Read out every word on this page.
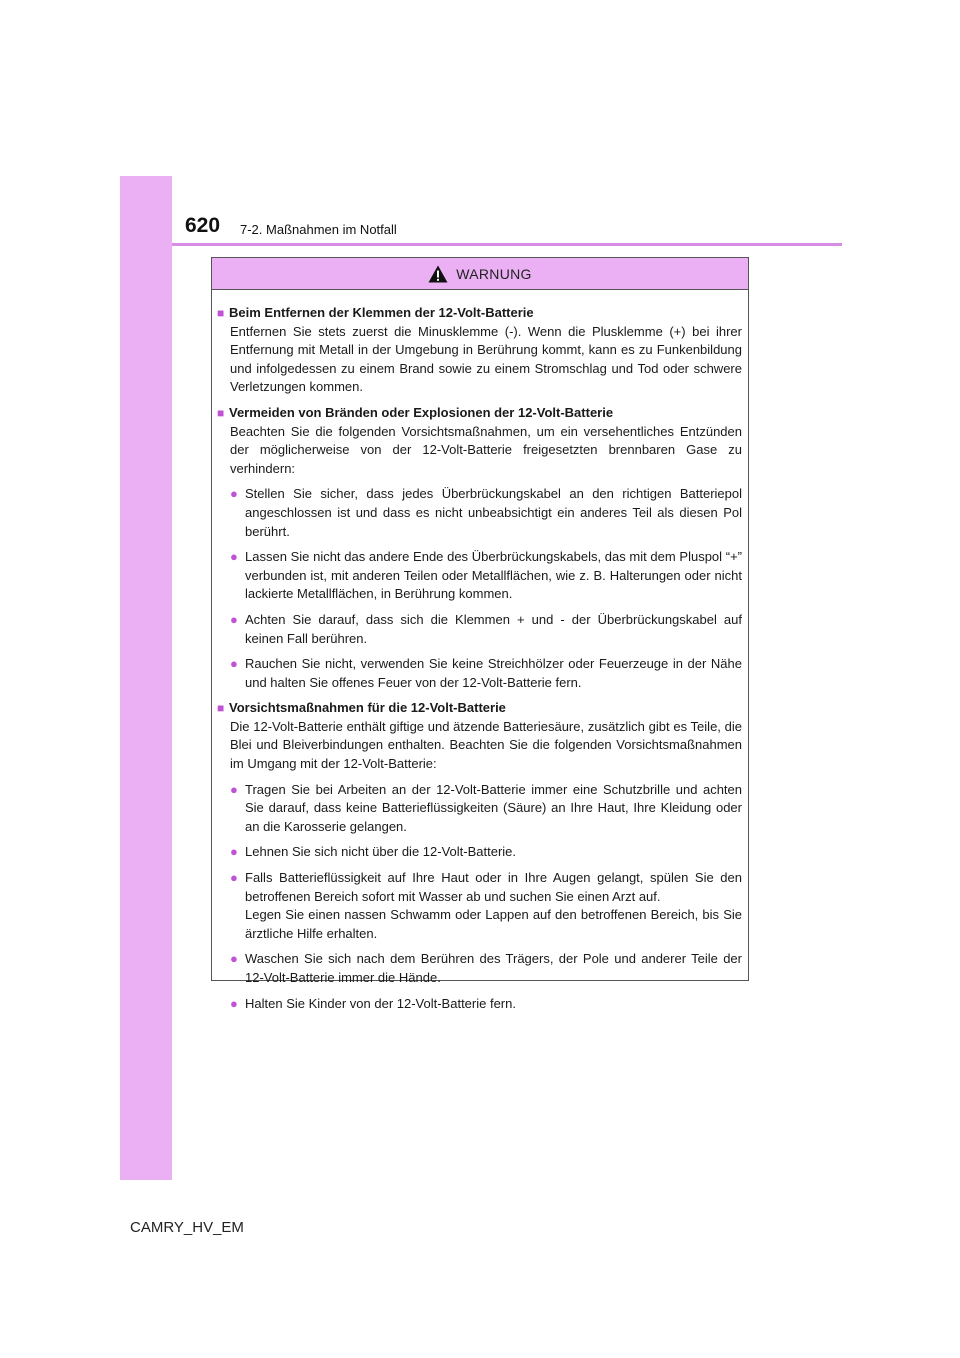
620 7-2. Maßnahmen im Notfall
WARNUNG
■ Beim Entfernen der Klemmen der 12-Volt-Batterie
Entfernen Sie stets zuerst die Minusklemme (-). Wenn die Plusklemme (+) bei ihrer Entfernung mit Metall in der Umgebung in Berührung kommt, kann es zu Funkenbildung und infolgedessen zu einem Brand sowie zu einem Stromschlag und Tod oder schwere Verletzungen kommen.
■ Vermeiden von Bränden oder Explosionen der 12-Volt-Batterie
Beachten Sie die folgenden Vorsichtsmaßnahmen, um ein versehentliches Entzünden der möglicherweise von der 12-Volt-Batterie freigesetzten brennbaren Gase zu verhindern:
● Stellen Sie sicher, dass jedes Überbrückungskabel an den richtigen Batteriepol angeschlossen ist und dass es nicht unbeabsichtigt ein anderes Teil als diesen Pol berührt.
● Lassen Sie nicht das andere Ende des Überbrückungskabels, das mit dem Pluspol “+” verbunden ist, mit anderen Teilen oder Metallflächen, wie z. B. Halterungen oder nicht lackierte Metallflächen, in Berührung kommen.
● Achten Sie darauf, dass sich die Klemmen + und - der Überbrückungskabel auf keinen Fall berühren.
● Rauchen Sie nicht, verwenden Sie keine Streichhölzer oder Feuerzeuge in der Nähe und halten Sie offenes Feuer von der 12-Volt-Batterie fern.
■ Vorsichtsmaßnahmen für die 12-Volt-Batterie
Die 12-Volt-Batterie enthält giftige und ätzende Batteriesäure, zusätzlich gibt es Teile, die Blei und Bleiverbindungen enthalten. Beachten Sie die folgenden Vorsichtsmaßnahmen im Umgang mit der 12-Volt-Batterie:
● Tragen Sie bei Arbeiten an der 12-Volt-Batterie immer eine Schutzbrille und achten Sie darauf, dass keine Batterieflüssigkeiten (Säure) an Ihre Haut, Ihre Kleidung oder an die Karosserie gelangen.
● Lehnen Sie sich nicht über die 12-Volt-Batterie.
● Falls Batterieflüssigkeit auf Ihre Haut oder in Ihre Augen gelangt, spülen Sie den betroffenen Bereich sofort mit Wasser ab und suchen Sie einen Arzt auf.
Legen Sie einen nassen Schwamm oder Lappen auf den betroffenen Bereich, bis Sie ärztliche Hilfe erhalten.
● Waschen Sie sich nach dem Berühren des Trägers, der Pole und anderer Teile der 12-Volt-Batterie immer die Hände.
● Halten Sie Kinder von der 12-Volt-Batterie fern.
CAMRY_HV_EM
